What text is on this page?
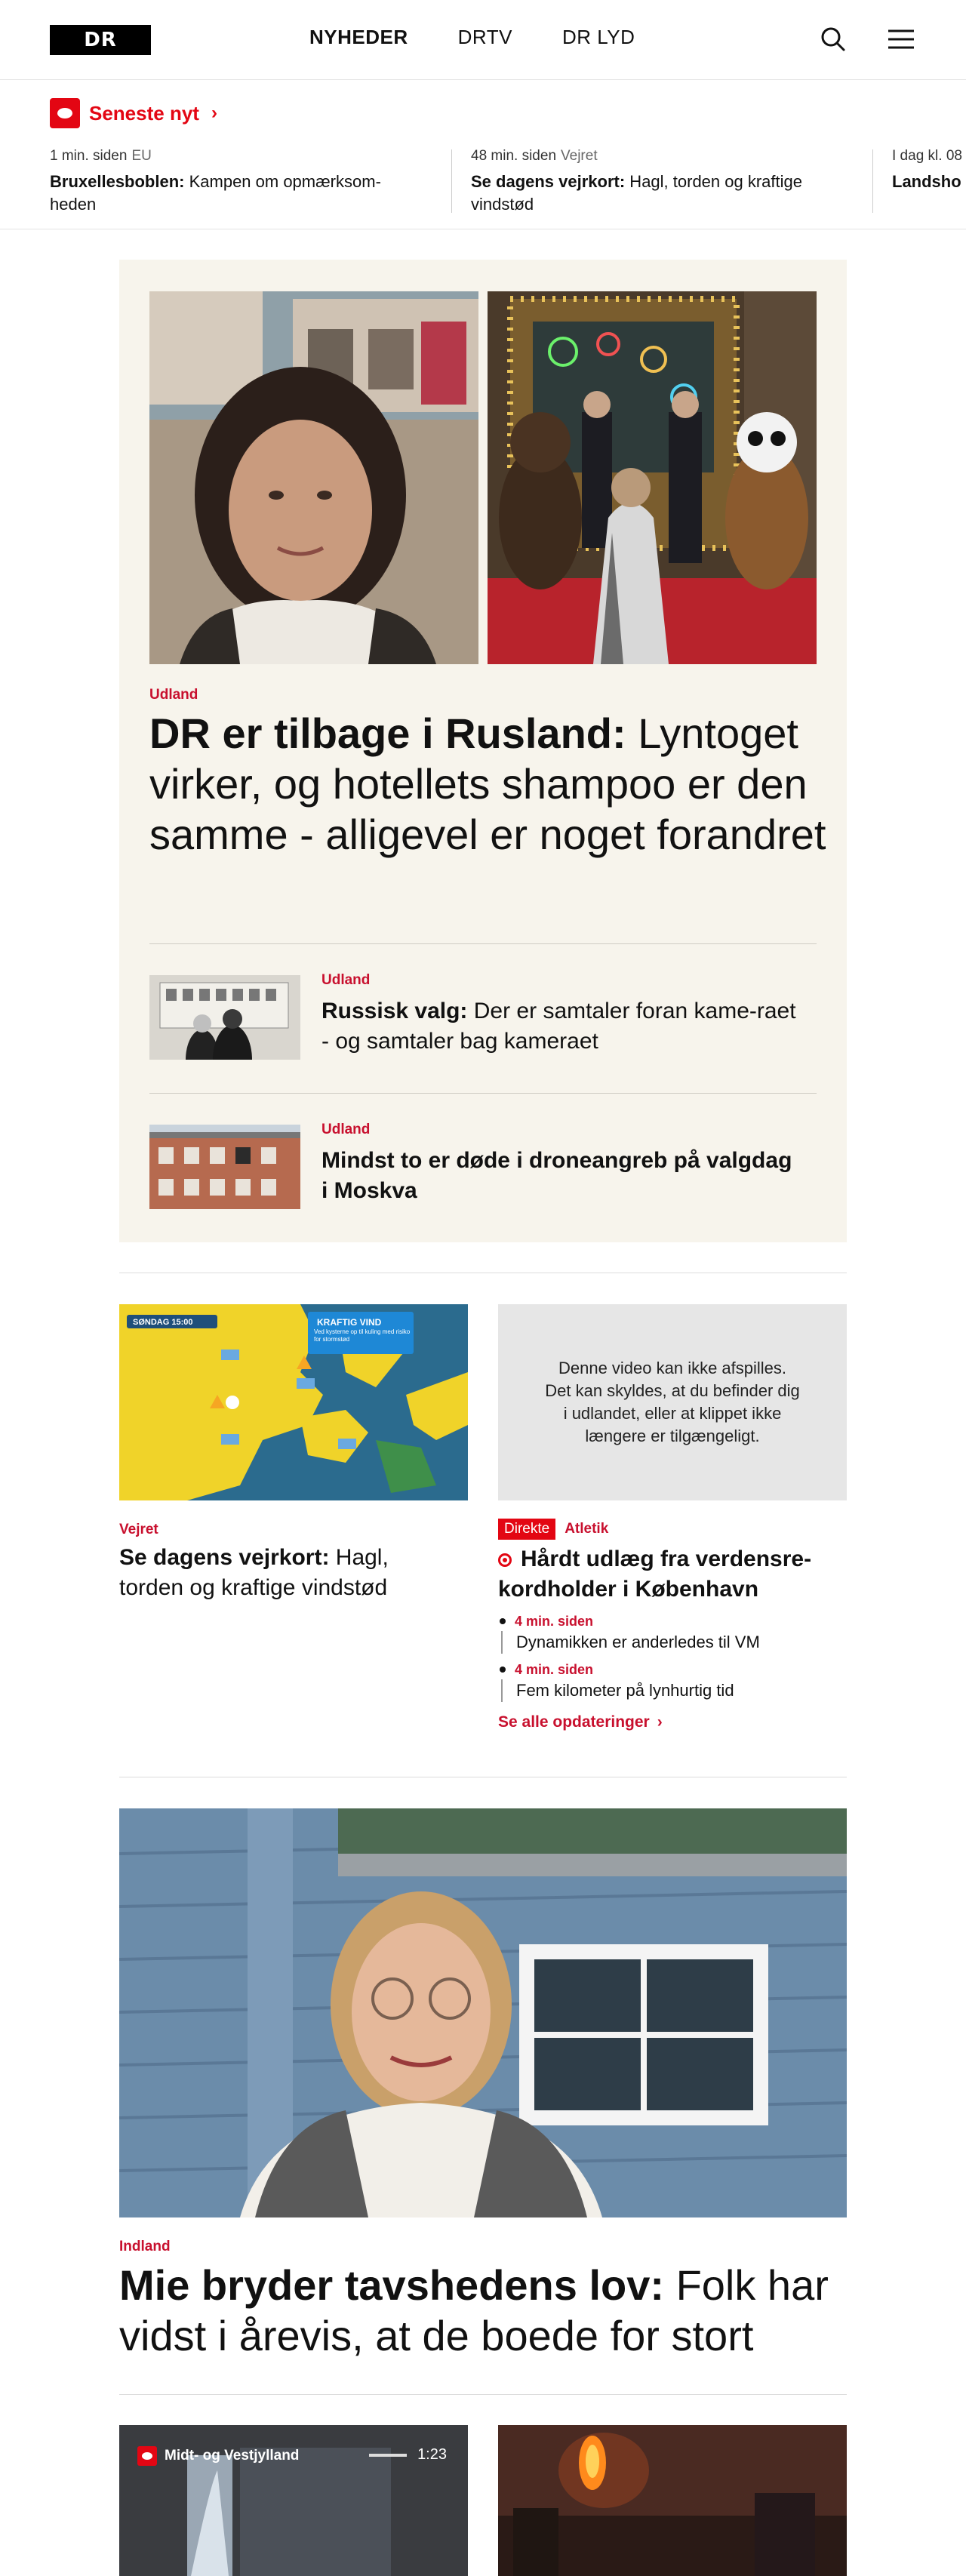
DR	NYHEDER	DRTV	DR LYD
Seneste nyt ›
1 min. siden EU
Bruxellesboblen: Kampen om opmærksom-heden
48 min. siden Vejret
Se dagens vejrkort: Hagl, torden og kraftige vindstød
I dag kl. 08
Landsho
Udland
DR er tilbage i Rusland: Lyntoget virker, og hotellets shampoo er den samme - alligevel er noget forandret
Udland
Russisk valg: Der er samtaler foran kame-raet - og samtaler bag kameraet
Udland
Mindst to er døde i droneangreb på valgdag i Moskva
SØNDAG 15:00	KRAFTIG VIND
Ved kysterne op til kuling med risiko for stormstød
Denne video kan ikke afspilles. Det kan skyldes, at du befinder dig i udlandet, eller at klippet ikke længere er tilgængeligt.
Vejret
Se dagens vejrkort: Hagl, torden og kraftige vindstød
Direkte	Atletik
Hårdt udlæg fra verdensre-kordholder i København
4 min. siden
Dynamikken er anderledes til VM
4 min. siden
Fem kilometer på lynhurtig tid
Se alle opdateringer ›
Indland
Mie bryder tavshedens lov: Folk har vidst i årevis, at de boede for stort
Midt- og Vestjylland	1:23
